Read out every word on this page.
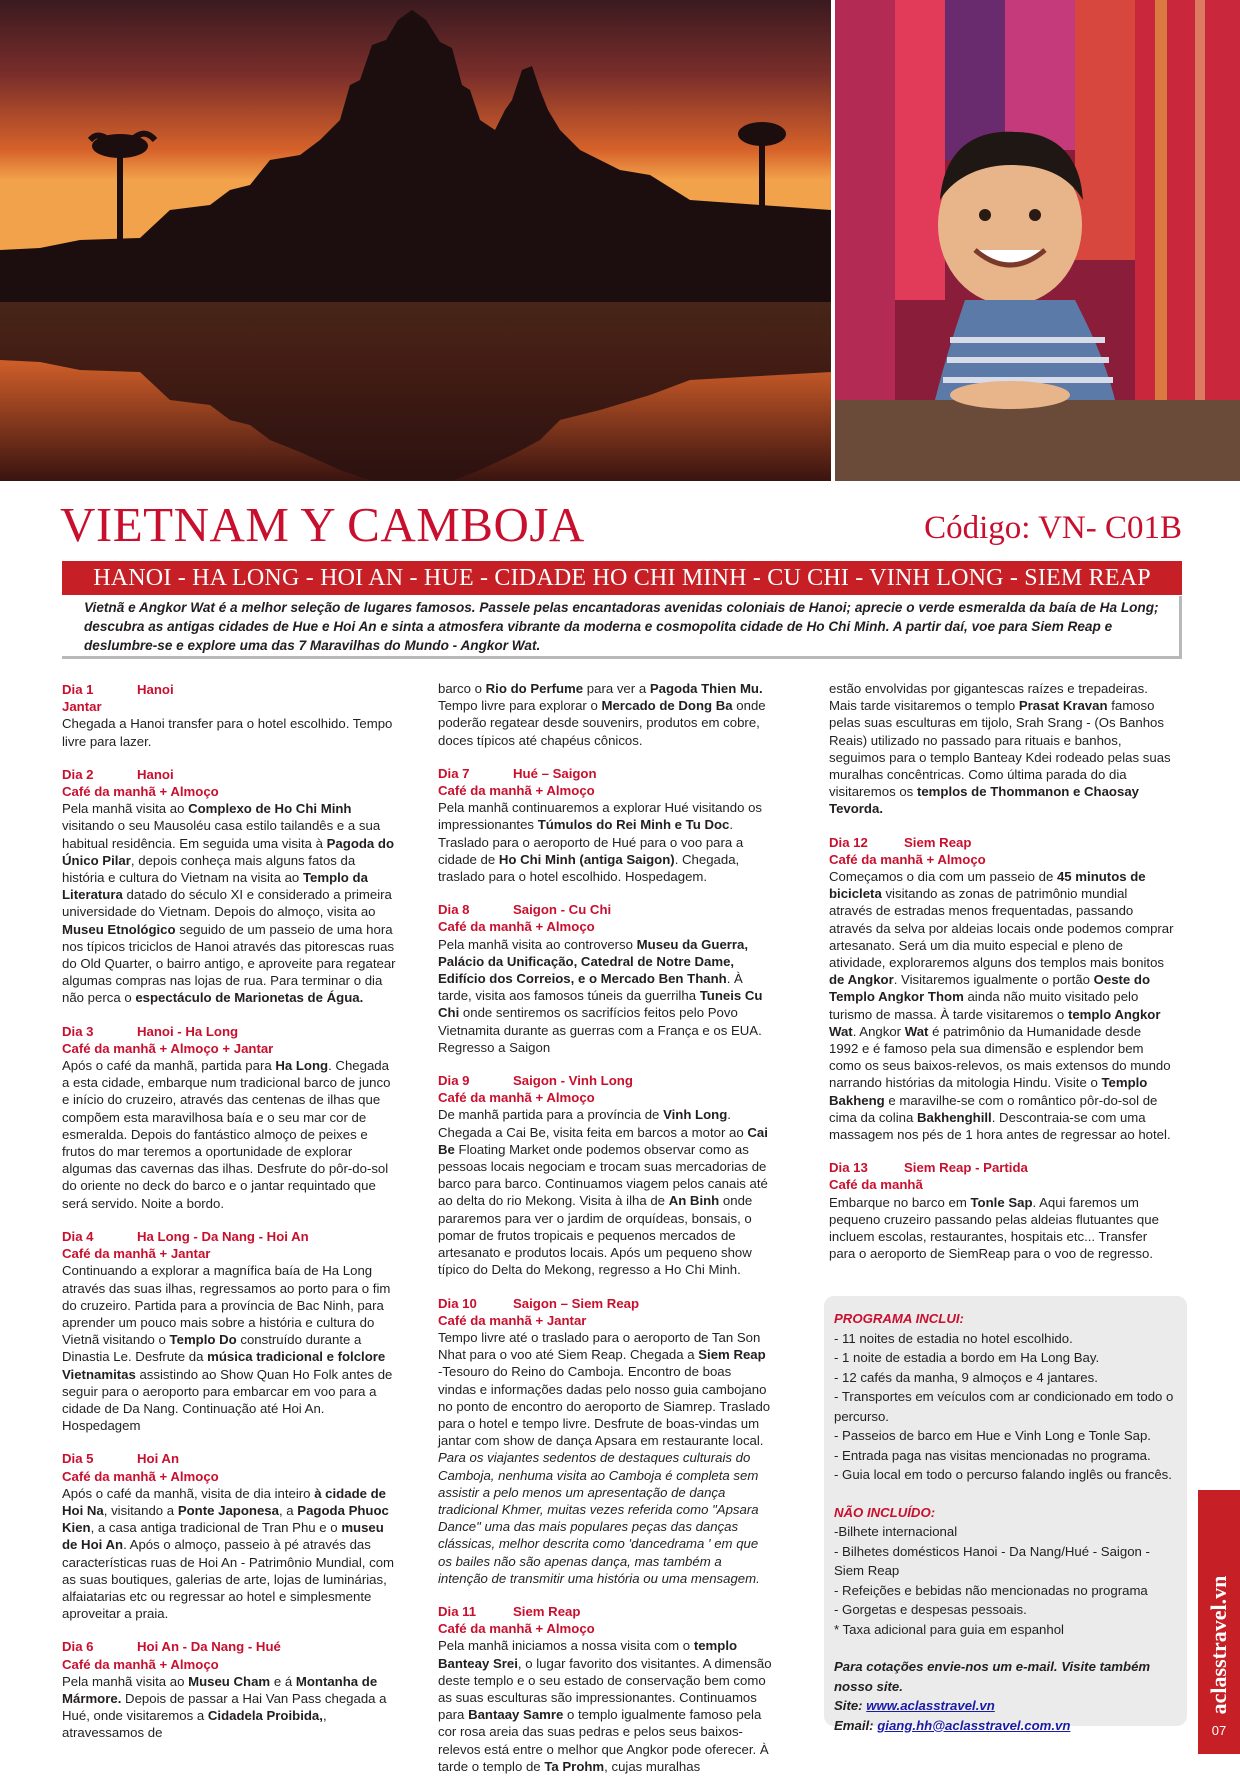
VIETNAM Y CAMBOJA	Código: VN- C01B
HANOI - HA LONG - HOI AN - HUE - CIDADE HO CHI MINH - CU CHI - VINH LONG - SIEM REAP
Vietnã e Angkor Wat é a melhor seleção de lugares famosos. Passele pelas encantadoras avenidas coloniais de Hanoi; aprecie o verde esmeralda da baía de Ha Long; descubra as antigas cidades de Hue e Hoi An e sinta a atmosfera vibrante da moderna e cosmopolita cidade de Ho Chi Minh. A partir daí, voe para Siem Reap e deslumbre-se e explore uma das 7 Maravilhas do Mundo - Angkor Wat.
Dia 1	Hanoi
Jantar

Chegada a Hanoi transfer para o hotel escolhido. Tempo livre para lazer.

Dia 2	Hanoi
Café da manhã + Almoço

Pela manhã visita ao Complexo de Ho Chi Minh visitando o seu Mausoléu casa estilo tailandês e a sua habitual residência. Em seguida uma visita à Pagoda do Único Pilar, depois conheça mais alguns fatos da história e cultura do Vietnam na visita ao Templo da Literatura datado do século XI e considerado a primeira universidade do Vietnam. Depois do almoço, visita ao Museu Etnológico seguido de um passeio de uma hora nos típicos triciclos de Hanoi através das pitorescas ruas do Old Quarter, o bairro antigo, e aproveite para regatear algumas compras nas lojas de rua. Para terminar o dia não perca o espectáculo de Marionetas de Água.

Dia 3	Hanoi - Ha Long
Café da manhã + Almoço + Jantar

Após o café da manhã, partida para Ha Long. Chegada a esta cidade, embarque num tradicional barco de junco e início do cruzeiro, através das centenas de ilhas que compõem esta maravilhosa baía e o seu mar cor de esmeralda. Depois do fantástico almoço de peixes e frutos do mar teremos a oportunidade de explorar algumas das cavernas das ilhas. Desfrute do pôr-do-sol do oriente no deck do barco e o jantar requintado que será servido. Noite a bordo.

Dia 4	Ha Long - Da Nang - Hoi An
Café da manhã + Jantar

Continuando a explorar a magnífica baía de Ha Long através das suas ilhas, regressamos ao porto para o fim do cruzeiro. Partida para a província de Bac Ninh, para aprender um pouco mais sobre a história e cultura do Vietnã visitando o Templo Do construído durante a Dinastia Le. Desfrute da música tradicional e folclore Vietnamitas assistindo ao Show Quan Ho Folk antes de seguir para o aeroporto para embarcar em voo para a cidade de Da Nang. Continuação até Hoi An. Hospedagem

Dia 5	Hoi An
Café da manhã + Almoço

Após o café da manhã, visita de dia inteiro à cidade de Hoi Na, visitando a Ponte Japonesa, a Pagoda Phuoc Kien, a casa antiga tradicional de Tran Phu e o museu de Hoi An. Após o almoço, passeio à pé através das características ruas de Hoi An - Patrimônio Mundial, com as suas boutiques, galerias de arte, lojas de luminárias, alfaiatarias etc ou regressar ao hotel e simplesmente aproveitar a praia.

Dia 6	Hoi An - Da Nang - Hué
Café da manhã + Almoço

Pela manhã visita ao Museu Cham e á Montanha de Mármore. Depois de passar a Hai Van Pass chegada a Hué, onde visitaremos a Cidadela Proibida,, atravessamos de

barco o Rio do Perfume para ver a Pagoda Thien Mu. Tempo livre para explorar o Mercado de Dong Ba onde poderão regatear desde souvenirs, produtos em cobre, doces típicos até chapéus cônicos.

Dia 7	Hué – Saigon
Café da manhã + Almoço

Pela manhã continuaremos a explorar Hué visitando os impressionantes Túmulos do Rei Minh e Tu Doc. Traslado para o aeroporto de Hué para o voo para a cidade de Ho Chi Minh (antiga Saigon). Chegada, traslado para o hotel escolhido. Hospedagem.

Dia 8	Saigon - Cu Chi
Café da manhã + Almoço

Pela manhã visita ao controverso Museu da Guerra, Palácio da Unificação, Catedral de Notre Dame, Edifício dos Correios, e o Mercado Ben Thanh. À tarde, visita aos famosos túneis da guerrilha Tuneis Cu Chi onde sentiremos os sacrifícios feitos pelo Povo Vietnamita durante as guerras com a França e os EUA. Regresso a Saigon

Dia 9	Saigon - Vinh Long
Café da manhã + Almoço

De manhã partida para a província de Vinh Long. Chegada a Cai Be, visita feita em barcos a motor ao Cai Be Floating Market onde podemos observar como as pessoas locais negociam e trocam suas mercadorias de barco para barco. Continuamos viagem pelos canais até ao delta do rio Mekong. Visita à ilha de An Binh onde pararemos para ver o jardim de orquídeas, bonsais, o pomar de frutos tropicais e pequenos mercados de artesanato e produtos locais. Após um pequeno show típico do Delta do Mekong, regresso a Ho Chi Minh.

Dia 10	Saigon – Siem Reap
Café da manhã + Jantar

Tempo livre até o traslado para o aeroporto de Tan Son Nhat para o voo até Siem Reap. Chegada a Siem Reap -Tesouro do Reino do Camboja. Encontro de boas vindas e informações dadas pelo nosso guia cambojano no ponto de encontro do aeroporto de Siamrep. Traslado para o hotel e tempo livre. Desfrute de boas-vindas um jantar com show de dança Apsara em restaurante local.

Para os viajantes sedentos de destaques culturais do Camboja, nenhuma visita ao Camboja é completa sem assistir a pelo menos um apresentação de dança tradicional Khmer, muitas vezes referida como "Apsara Dance" uma das mais populares peças das danças clássicas, melhor descrita como 'dancedrama ' em que os bailes não são apenas dança, mas também a intenção de transmitir uma história ou uma mensagem.

Dia 11	Siem Reap
Café da manhã + Almoço

Pela manhã iniciamos a nossa visita com o templo Banteay Srei, o lugar favorito dos visitantes. A dimensão deste templo e o seu estado de conservação bem como as suas esculturas são impressionantes. Continuamos para Bantaay Samre o templo igualmente famoso pela cor rosa areia das suas pedras e pelos seus baixos-relevos está entre o melhor que Angkor pode oferecer. À tarde o templo de Ta Prohm, cujas muralhas

estão envolvidas por gigantescas raízes e trepadeiras. Mais tarde visitaremos o templo Prasat Kravan famoso pelas suas esculturas em tijolo, Srah Srang - (Os Banhos Reais) utilizado no passado para rituais e banhos, seguimos para o templo Banteay Kdei rodeado pelas suas muralhas concêntricas. Como última parada do dia visitaremos os templos de Thommanon e Chaosay Tevorda.

Dia 12	Siem Reap
Café da manhã + Almoço

Começamos o dia com um passeio de 45 minutos de bicicleta visitando as zonas de patrimônio mundial através de estradas menos frequentadas, passando através da selva por aldeias locais onde podemos comprar artesanato. Será um dia muito especial e pleno de atividade, exploraremos alguns dos templos mais bonitos de Angkor. Visitaremos igualmente o portão Oeste do Templo Angkor Thom ainda não muito visitado pelo turismo de massa. À tarde visitaremos o templo Angkor Wat. Angkor Wat é patrimônio da Humanidade desde 1992 e é famoso pela sua dimensão e esplendor bem como os seus baixos-relevos, os mais extensos do mundo narrando histórias da mitologia Hindu. Visite o Templo Bakheng e maravilhe-se com o romântico pôr-do-sol de cima da colina Bakhenghill. Descontraia-se com uma massagem nos pés de 1 hora antes de regressar ao hotel.

Dia 13	Siem Reap - Partida
Café da manhã

Embarque no barco em Tonle Sap. Aqui faremos um pequeno cruzeiro passando pelas aldeias flutuantes que incluem escolas, restaurantes, hospitais etc... Transfer para o aeroporto de SiemReap para o voo de regresso.

PROGRAMA INCLUI:
- 11 noites de estadia no hotel escolhido.
- 1 noite de estadia a bordo em Ha Long Bay.
- 12 cafés da manha, 9 almoços e 4 jantares.
- Transportes em veículos com ar condicionado em todo o percurso.
- Passeios de barco em Hue e Vinh Long e Tonle Sap.
- Entrada paga nas visitas mencionadas no programa.
- Guia local em todo o percurso falando inglês ou francês.
NÃO INCLUÍDO:
-Bilhete internacional
- Bilhetes domésticos Hanoi - Da Nang/Hué - Saigon - Siem Reap
- Refeições e bebidas não mencionadas no programa
- Gorgetas e despesas pessoais.
* Taxa adicional para guia em espanhol
Para cotações envie-nos um e-mail. Visite também nosso site.
Site: www.aclasstravel.vn
Email: giang.hh@aclasstravel.com.vn
aclasstravel.vn
07
